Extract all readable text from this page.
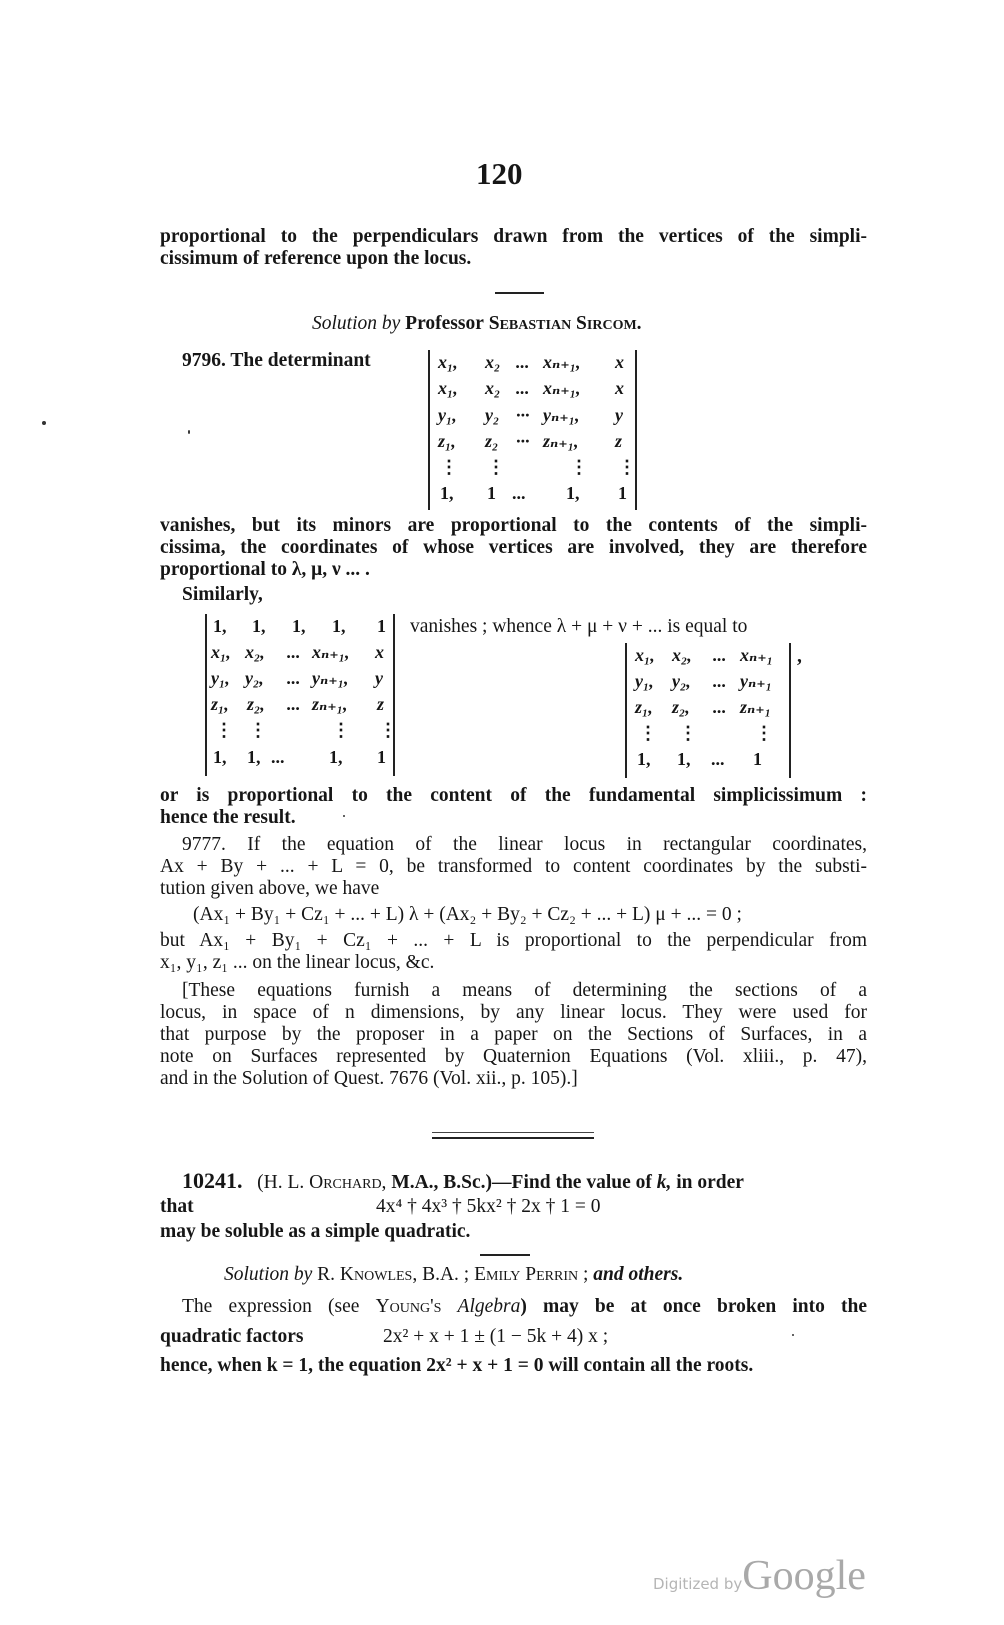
120
proportional to the perpendiculars drawn from the vertices of the simpli-
cissimum of reference upon the locus.
Solution by Professor Sebastian Sircom.
9796. The determinant	x₁, x₂ ... xₙ₊₁, x
x₁, x₂ ... xₙ₊₁, x
y₁, y₂ ··· yₙ₊₁, y
z₁, z₂ ··· zₙ₊₁, z
⋮ ⋮	⋮ ⋮
1, 1 ... 1, 1
vanishes, but its minors are proportional to the contents of the simpli-
cissima, the coordinates of whose vertices are involved, they are therefore
proportional to λ, μ, ν ... .
Similarly,
1, 1, 1, 1, 1
x₁, x₂, ... xₙ₊₁, x
y₁, y₂, ... yₙ₊₁, y
z₁, z₂, ... zₙ₊₁, z
⋮ ⋮	⋮ ⋮
1, 1, ... 1, 1
vanishes ; whence λ + μ + ν + ... is equal to
x₁, x₂, ... xₙ₊₁
y₁, y₂, ... yₙ₊₁
z₁, z₂, ... zₙ₊₁
⋮ ⋮	⋮
1, 1, ... 1
,
or is proportional to the content of the fundamental simplicissimum :
hence the result.
9777. If the equation of the linear locus in rectangular coordinates,
Ax + By + ... + L = 0, be transformed to content coordinates by the substi-
tution given above, we have
(Ax₁ + By₁ + Cz₁ + ... + L) λ + (Ax₂ + By₂ + Cz₂ + ... + L) μ + ... = 0 ;
but Ax₁ + By₁ + Cz₁ + ... + L is proportional to the perpendicular from
x₁, y₁, z₁ ... on the linear locus, &c.
[These equations furnish a means of determining the sections of a
locus, in space of n dimensions, by any linear locus. They were used for
that purpose by the proposer in a paper on the Sections of Surfaces, in a
note on Surfaces represented by Quaternion Equations (Vol. xliii., p. 47),
and in the Solution of Quest. 7676 (Vol. xii., p. 105).]
10241. (H. L. Orchard, M.A., B.Sc.)—Find the value of k, in order
that	4x⁴ † 4x³ † 5kx² † 2x † 1 = 0
may be soluble as a simple quadratic.
Solution by R. Knowles, B.A. ; Emily Perrin ; and others.
The expression (see Young's Algebra) may be at once broken into the
quadratic factors	2x² + x + 1 ± (1 − 5k + 4) x ;
hence, when k = 1, the equation 2x² + x + 1 = 0 will contain all the roots.
Digitized byGoogle
